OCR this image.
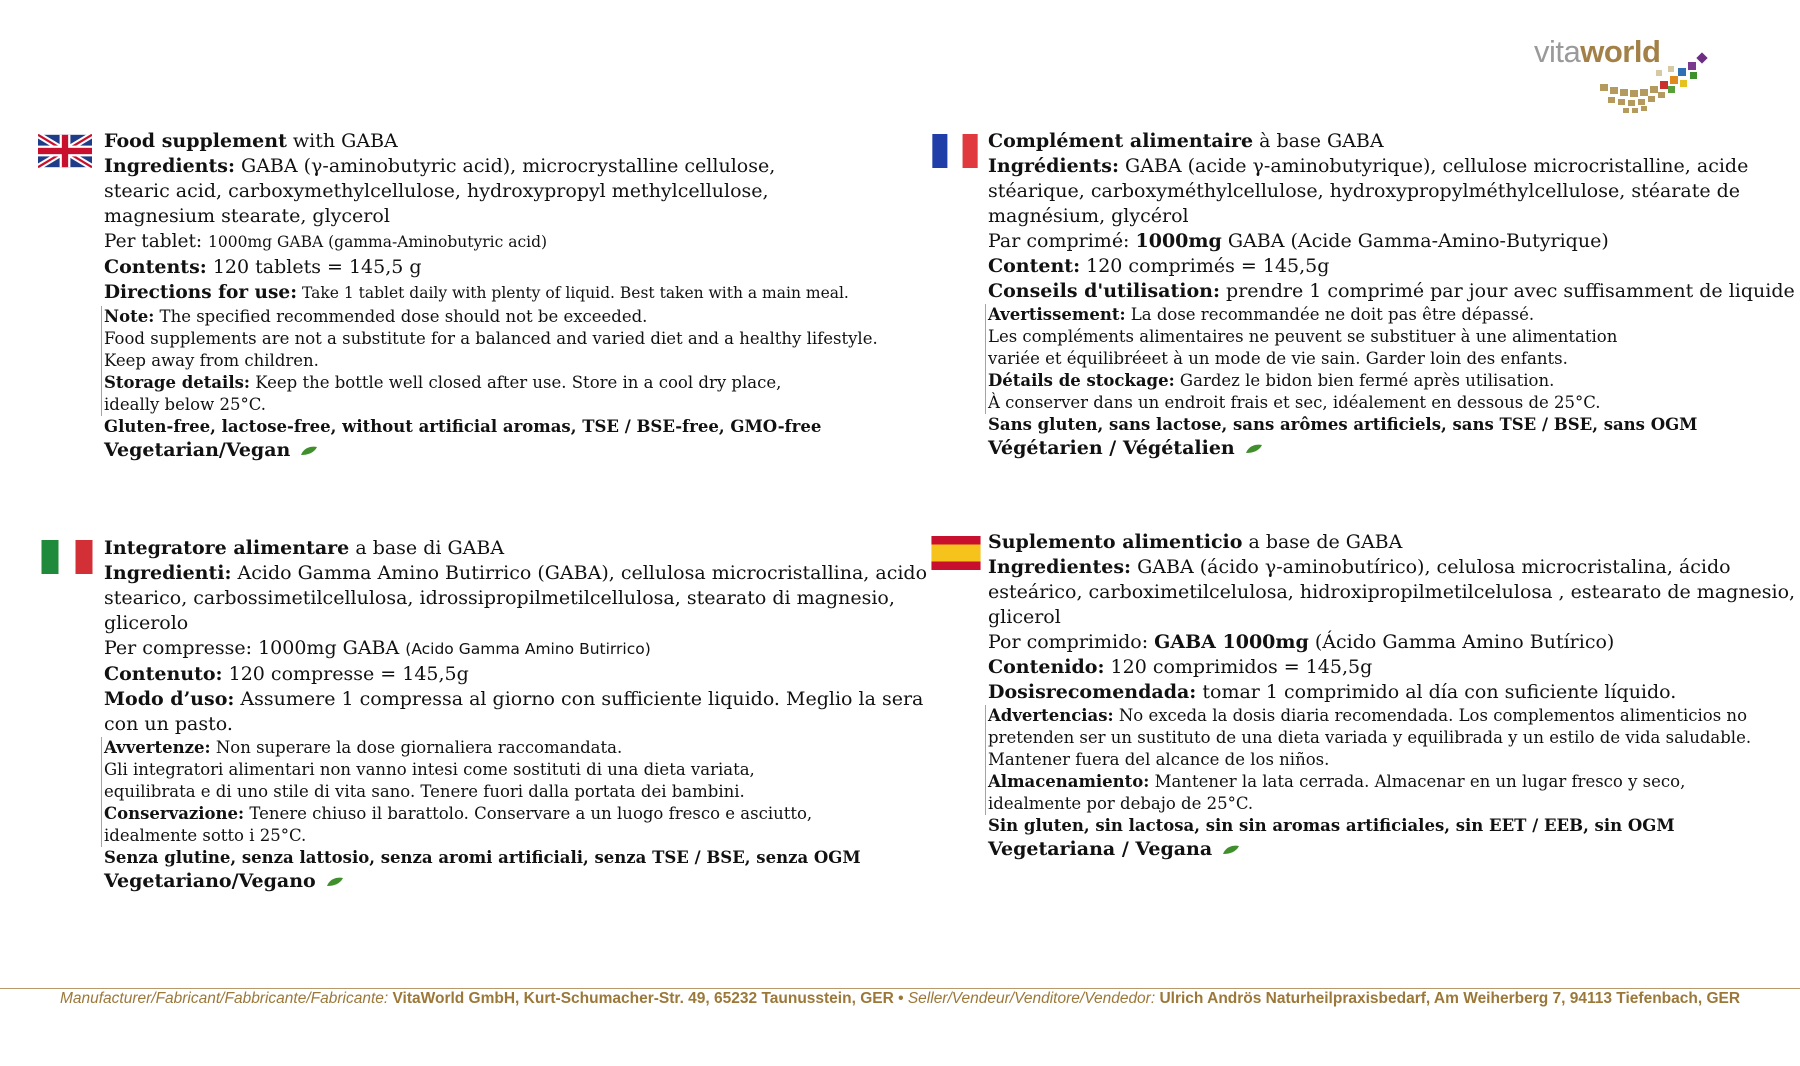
vitaworld
Food supplement with GABA
Ingredients: GABA (γ-aminobutyric acid), microcrystalline cellulose,
stearic acid, carboxymethylcellulose, hydroxypropyl methylcellulose,
magnesium stearate, glycerol
Per tablet: 1000mg GABA (gamma-Aminobutyric acid)
Contents: 120 tablets = 145,5 g
Directions for use: Take 1 tablet daily with plenty of liquid. Best taken with a main meal.
Note: The specified recommended dose should not be exceeded.
Food supplements are not a substitute for a balanced and varied diet and a healthy lifestyle.
Keep away from children.
Storage details: Keep the bottle well closed after use. Store in a cool dry place,
ideally below 25°C.
Gluten-free, lactose-free, without artificial aromas, TSE / BSE-free, GMO-free
Vegetarian/Vegan
Complément alimentaire à base GABA
Ingrédients: GABA (acide γ-aminobutyrique), cellulose microcristalline, acide
stéarique, carboxyméthylcellulose, hydroxypropylméthylcellulose, stéarate de
magnésium, glycérol
Par comprimé: 1000mg GABA (Acide Gamma-Amino-Butyrique)
Content: 120 comprimés = 145,5g
Conseils d'utilisation: prendre 1 comprimé par jour avec suffisamment de liquide
Avertissement: La dose recommandée ne doit pas être dépassé.
Les compléments alimentaires ne peuvent se substituer à une alimentation
variée et équilibréeet à un mode de vie sain. Garder loin des enfants.
Détails de stockage: Gardez le bidon bien fermé après utilisation.
À conserver dans un endroit frais et sec, idéalement en dessous de 25°C.
Sans gluten, sans lactose, sans arômes artificiels, sans TSE / BSE, sans OGM
Végétarien / Végétalien
Integratore alimentare a base di GABA
Ingredienti: Acido Gamma Amino Butirrico (GABA), cellulosa microcristallina, acido
stearico, carbossimetilcellulosa, idrossipropilmetilcellulosa, stearato di magnesio,
glicerolo
Per compresse: 1000mg GABA (Acido Gamma Amino Butirrico)
Contenuto: 120 compresse = 145,5g
Modo d’uso: Assumere 1 compressa al giorno con sufficiente liquido. Meglio la sera
con un pasto.
Avvertenze: Non superare la dose giornaliera raccomandata.
Gli integratori alimentari non vanno intesi come sostituti di una dieta variata,
equilibrata e di uno stile di vita sano. Tenere fuori dalla portata dei bambini.
Conservazione: Tenere chiuso il barattolo. Conservare a un luogo fresco e asciutto,
idealmente sotto i 25°C.
Senza glutine, senza lattosio, senza aromi artificiali, senza TSE / BSE, senza OGM
Vegetariano/Vegano
Suplemento alimenticio a base de GABA
Ingredientes: GABA (ácido γ-aminobutírico), celulosa microcristalina, ácido
esteárico, carboximetilcelulosa, hidroxipropilmetilcelulosa , estearato de magnesio,
glicerol
Por comprimido: GABA 1000mg (Ácido Gamma Amino Butírico)
Contenido: 120 comprimidos = 145,5g
Dosisrecomendada: tomar 1 comprimido al día con suficiente líquido.
Advertencias: No exceda la dosis diaria recomendada. Los complementos alimenticios no
pretenden ser un sustituto de una dieta variada y equilibrada y un estilo de vida saludable.
Mantener fuera del alcance de los niños.
Almacenamiento: Mantener la lata cerrada. Almacenar en un lugar fresco y seco,
idealmente por debajo de 25°C.
Sin gluten, sin lactosa, sin sin aromas artificiales, sin EET / EEB, sin OGM
Vegetariana / Vegana
Manufacturer/Fabricant/Fabbricante/Fabricante: VitaWorld GmbH, Kurt-Schumacher-Str. 49, 65232 Taunusstein, GER • Seller/Vendeur/Venditore/Vendedor: Ulrich Andrös Naturheilpraxisbedarf, Am Weiherberg 7, 94113 Tiefenbach, GER
